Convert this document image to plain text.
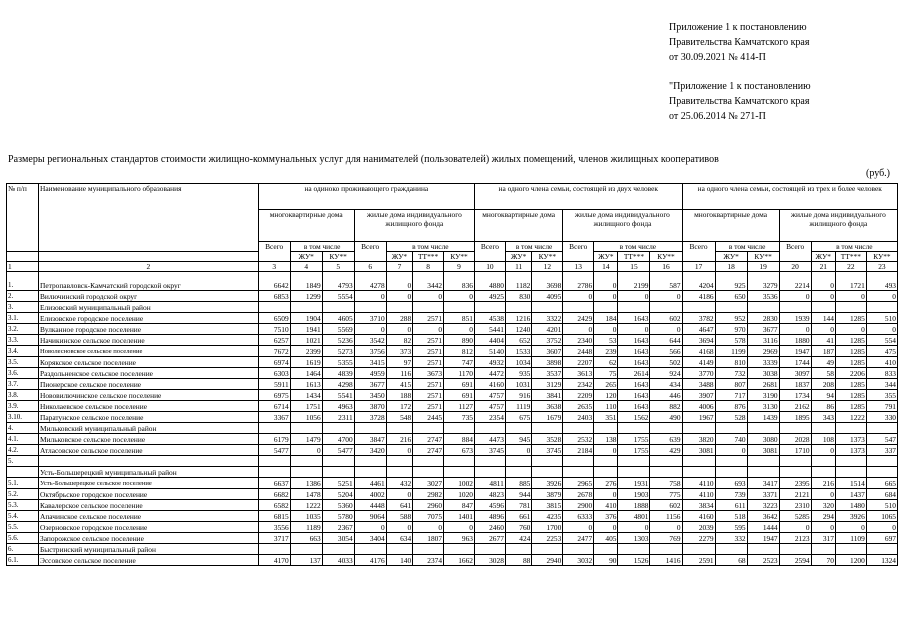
Приложение 1 к постановлению

Правительства Камчатского края

от 30.09.2021 № 414-П

"Приложение 1 к постановлению

Правительства Камчатского края

от 25.06.2014 № 271-П

Размеры региональных стандартов стоимости жилищно-коммунальных услуг для нанимателей (пользователей) жилых помещений, членов жилищных кооперативов
(руб.)
№ п/п	Наименование муниципального образования	на одиноко проживающего гражданина							на одного члена семьи, состоящей из двух человек							на одного члена семьи, состоящей из трех и более человек						
		многоквартирные дома			жилые дома индивидуального жилищного фонда				многоквартирные дома			жилые дома индивидуального жилищного фонда				многоквартирные дома			жилые дома индивидуального жилищного фонда			
		Всего	в том числе		Всего	в том числе			Всего	в том числе		Всего	в том числе			Всего	в том числе		Всего	в том числе		
			ЖУ*	КУ**		ЖУ*	ТТ***	КУ**		ЖУ*	КУ**		ЖУ*	ТТ***	КУ**		ЖУ*	КУ**		ЖУ*	ТТ***	КУ**
1	2	3	4	5	6	7	8	9	10	11	12	13	14	15	16	17	18	19	20	21	22	23
1.	Петропавловск-Камчатский городской округ	6642	1849	4793	4278	0	3442	836	4880	1182	3698	2786	0	2199	587	4204	925	3279	2214	0	1721	493
2.	Вилючинский городской округ	6853	1299	5554	0	0	0	0	4925	830	4095	0	0	0	0	4186	650	3536	0	0	0	0
3.	Елизовский муниципальный район																					
3.1.	Елизовское городское поселение	6509	1904	4605	3710	288	2571	851	4538	1216	3322	2429	184	1643	602	3782	952	2830	1939	144	1285	510
3.2.	Вулканное городское поселение	7510	1941	5569	0	0	0	0	5441	1240	4201	0	0	0	0	4647	970	3677	0	0	0	0
3.3.	Начикинское сельское поселение	6257	1021	5236	3542	82	2571	890	4404	652	3752	2340	53	1643	644	3694	578	3116	1880	41	1285	554
3.4.	Новолесновское сельское поселение	7672	2399	5273	3756	373	2571	812	5140	1533	3607	2448	239	1643	566	4168	1199	2969	1947	187	1285	475
3.5.	Корякское сельское поселение	6974	1619	5355	3415	97	2571	747	4932	1034	3898	2207	62	1643	502	4149	810	3339	1744	49	1285	410
3.6.	Раздольненское сельское поселение	6303	1464	4839	4959	116	3673	1170	4472	935	3537	3613	75	2614	924	3770	732	3038	3097	58	2206	833
3.7.	Пионерское сельское поселение	5911	1613	4298	3677	415	2571	691	4160	1031	3129	2342	265	1643	434	3488	807	2681	1837	208	1285	344
3.8.	Нововилючинское сельское поселение	6975	1434	5541	3450	188	2571	691	4757	916	3841	2209	120	1643	446	3907	717	3190	1734	94	1285	355
3.9.	Николаевское сельское поселение	6714	1751	4963	3870	172	2571	1127	4757	1119	3638	2635	110	1643	882	4006	876	3130	2162	86	1285	791
3.10.	Паратунское сельское поселение	3367	1056	2311	3728	548	2445	735	2354	675	1679	2403	351	1562	490	1967	528	1439	1895	343	1222	330
4.	Мильковский муниципальный район																					
4.1.	Мильковское сельское поселение	6179	1479	4700	3847	216	2747	884	4473	945	3528	2532	138	1755	639	3820	740	3080	2028	108	1373	547
4.2.	Атласовское сельское поселение	5477	0	5477	3420	0	2747	673	3745	0	3745	2184	0	1755	429	3081	0	3081	1710	0	1373	337
5.																						
	Усть-Большерецкий муниципальный район																					
5.1.	Усть-Большерецкое сельское поселение	6637	1386	5251	4461	432	3027	1002	4811	885	3926	2965	276	1931	758	4110	693	3417	2395	216	1514	665
5.2.	Октябрьское городское поселение	6682	1478	5204	4002	0	2982	1020	4823	944	3879	2678	0	1903	775	4110	739	3371	2121	0	1437	684
5.3.	Кавалерское сельское поселение	6582	1222	5360	4448	641	2960	847	4596	781	3815	2900	410	1888	602	3834	611	3223	2310	320	1480	510
5.4.	Апачинское сельское поселение	6815	1035	5780	9064	588	7075	1401	4896	661	4235	6333	376	4801	1156	4160	518	3642	5285	294	3926	1065
5.5.	Озерновское городское поселение	3556	1189	2367	0	0	0	0	2460	760	1700	0	0	0	0	2039	595	1444	0	0	0	0
5.6.	Запорожское сельское поселение	3717	663	3054	3404	634	1807	963	2677	424	2253	2477	405	1303	769	2279	332	1947	2123	317	1109	697
6.	Быстринский муниципальный район																					
6.1.	Эссовское сельское поселение	4170	137	4033	4176	140	2374	1662	3028	88	2940	3032	90	1526	1416	2591	68	2523	2594	70	1200	1324
